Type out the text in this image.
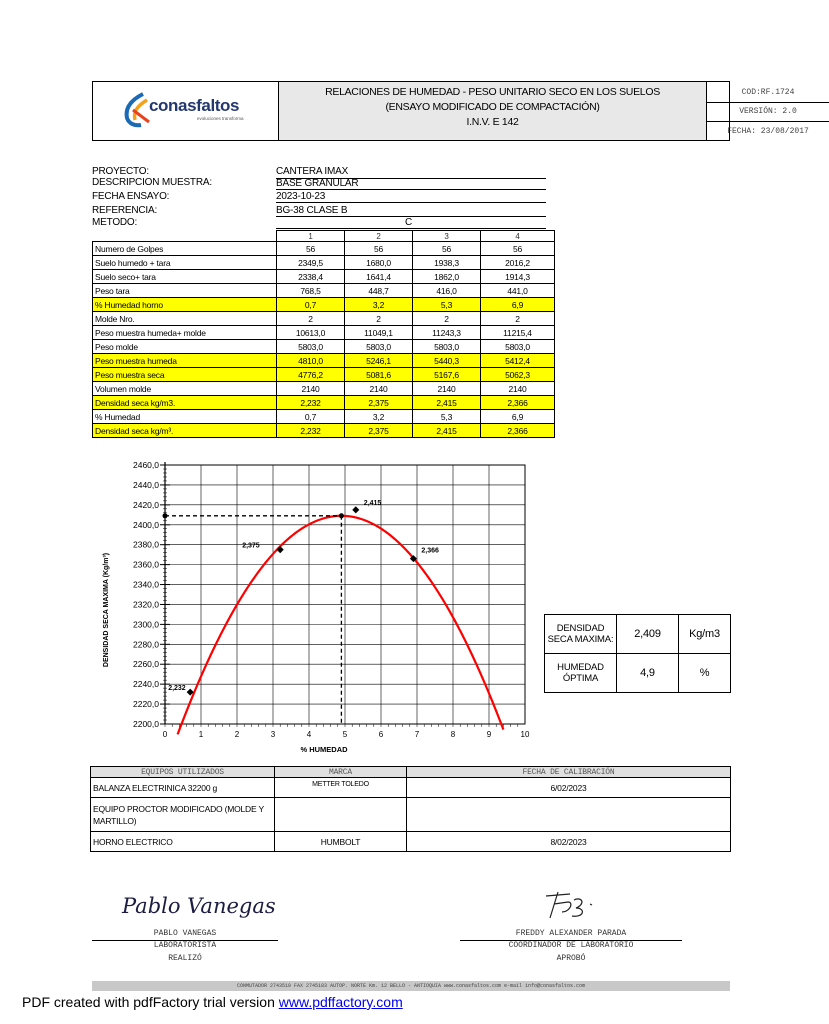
conasfaltos
evoluciones transforma
RELACIONES DE HUMEDAD - PESO UNITARIO SECO EN LOS SUELOS
(ENSAYO MODIFICADO DE COMPACTACIÓN)
I.N.V. E 142
COD:RF.1724
VERSIÓN: 2.0
FECHA: 23/08/2017
PROYECTO:	CANTERA IMAX
DESCRIPCION MUESTRA:	BASE GRANULAR
FECHA ENSAYO:	2023-10-23
REFERENCIA:	BG-38 CLASE B
METODO:	C
	1	2	3	4
Numero de Golpes	56	56	56	56
Suelo humedo + tara	2349,5	1680,0	1938,3	2016,2
Suelo seco+ tara	2338,4	1641,4	1862,0	1914,3
Peso tara	768,5	448,7	416,0	441,0
% Humedad horno	0,7	3,2	5,3	6,9
Molde Nro.	2	2	2	2
Peso muestra humeda+ molde	10613,0	11049,1	11243,3	11215,4
Peso molde	5803,0	5803,0	5803,0	5803,0
Peso muestra humeda	4810,0	5246,1	5440,3	5412,4
Peso muestra seca	4776,2	5081,6	5167,6	5062,3
Volumen molde	2140	2140	2140	2140
Densidad seca kg/m3.	2,232	2,375	2,415	2,366
% Humedad	0,7	3,2	5,3	6,9
Densidad seca kg/m³.	2,232	2,375	2,415	2,366
0	1	2	3	4	5	6	7	8	9	10
2200,0
2220,0
2240,0
2260,0
2280,0
2300,0
2320,0
2340,0
2360,0
2380,0
2400,0
2420,0
2440,0
2460,0
2,232
2,375
2,415
2,366
DENSIDAD SECA MAXIMA (Kg/m³)
% HUMEDAD
DENSIDAD SECA MAXIMA:	2,409	Kg/m3
HUMEDAD ÓPTIMA	4,9	%
EQUIPOS UTILIZADOS	MARCA	FECHA DE CALIBRACIÓN
BALANZA ELECTRINICA 32200 g	METTER TOLEDO	6/02/2023
EQUIPO PROCTOR MODIFICADO (MOLDE Y MARTILLO)		
HORNO ELECTRICO	HUMBOLT	8/02/2023
Pablo Vanegas
PABLO VANEGAS
LABORATORISTA
REALIZÓ
FREDDY ALEXANDER PARADA
COORDINADOR DE LABORATORIO
APROBÓ
CONMUTADOR 2743510 FAX 2745183 AUTOP. NORTE Km. 12 BELLO - ANTIOQUIA www.conasfaltos.com e-mail info@conasfaltos.com
PDF created with pdfFactory trial version www.pdffactory.com
